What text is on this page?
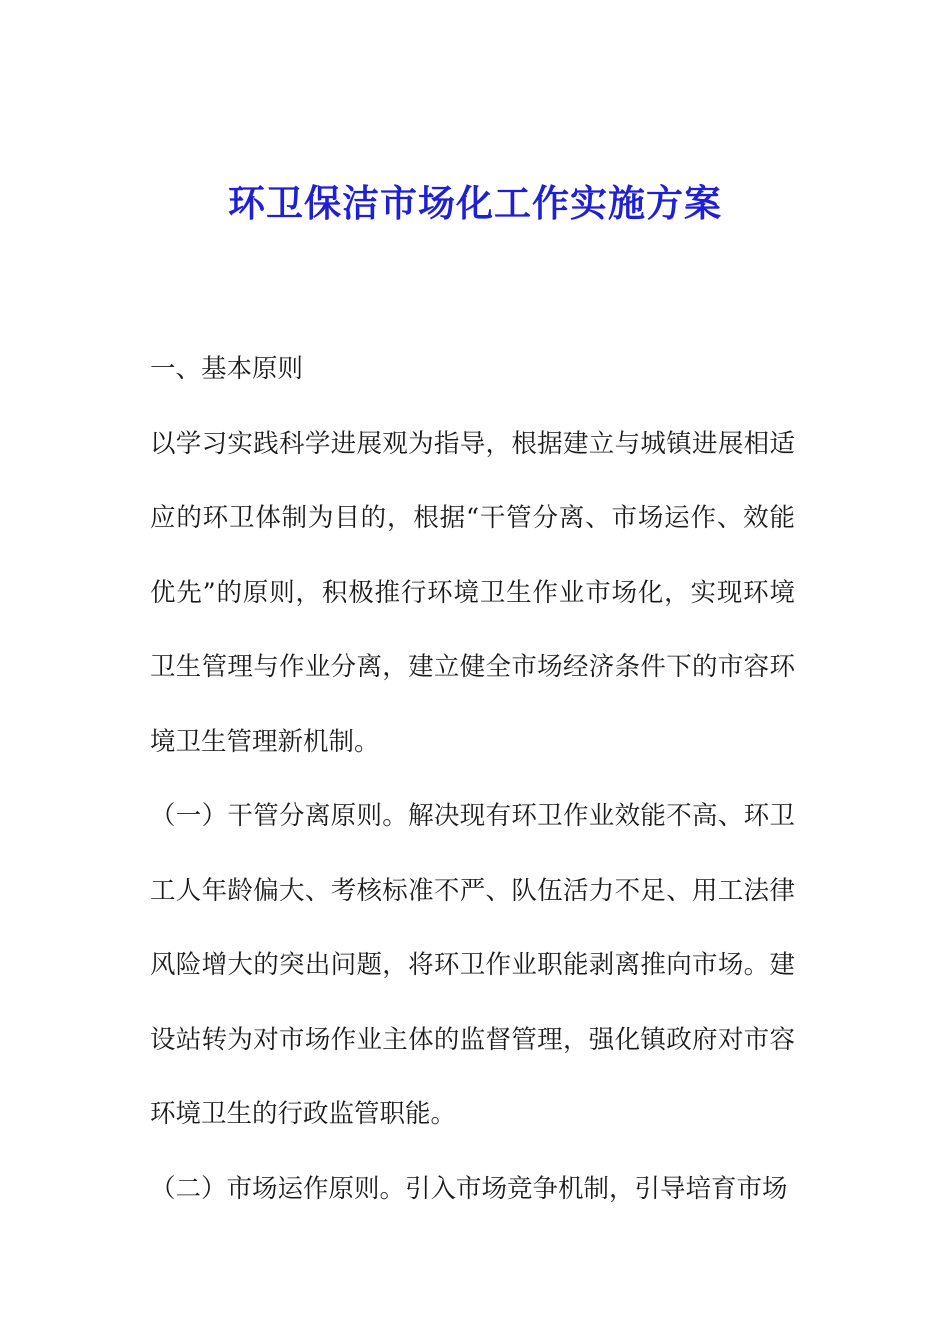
环卫保洁市场化工作实施方案

一、基本原则

以学习实践科学进展观为指导，根据建立与城镇进展相适应的环卫体制为目的，根据“干管分离、市场运作、效能优先”的原则，积极推行环境卫生作业市场化，实现环境卫生管理与作业分离，建立健全市场经济条件下的市容环境卫生管理新机制。

（一）干管分离原则。解决现有环卫作业效能不高、环卫工人年龄偏大、考核标准不严、队伍活力不足、用工法律风险增大的突出问题，将环卫作业职能剥离推向市场。建设站转为对市场作业主体的监督管理，强化镇政府对市容环境卫生的行政监管职能。

（二）市场运作原则。引入市场竞争机制，引导培育市场
